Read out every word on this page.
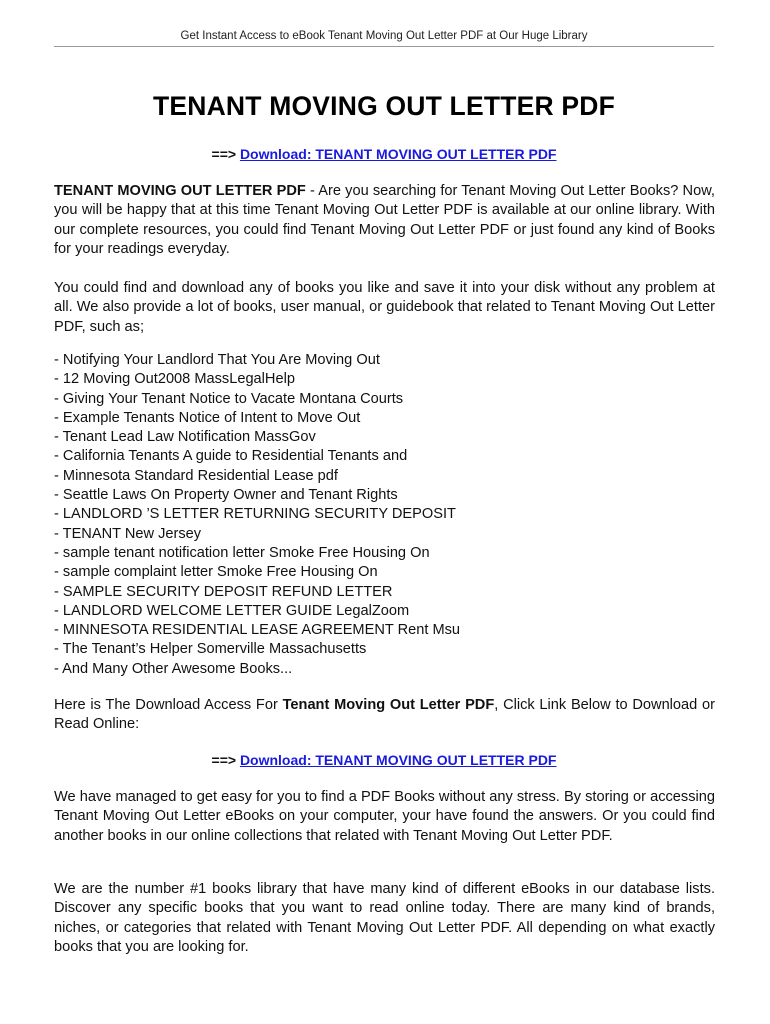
Get Instant Access to eBook Tenant Moving Out Letter PDF at Our Huge Library
TENANT MOVING OUT LETTER PDF
==> Download: TENANT MOVING OUT LETTER PDF

TENANT MOVING OUT LETTER PDF - Are you searching for Tenant Moving Out Letter Books? Now, you will be happy that at this time Tenant Moving Out Letter PDF is available at our online library. With our complete resources, you could find Tenant Moving Out Letter PDF or just found any kind of Books for your readings everyday.

You could find and download any of books you like and save it into your disk without any problem at all. We also provide a lot of books, user manual, or guidebook that related to Tenant Moving Out Letter PDF, such as;

- Notifying Your Landlord That You Are Moving Out
- 12 Moving Out2008 MassLegalHelp
- Giving Your Tenant Notice to Vacate Montana Courts
- Example Tenants Notice of Intent to Move Out
- Tenant Lead Law Notification MassGov
- California Tenants A guide to Residential Tenants and
- Minnesota Standard Residential Lease pdf
- Seattle Laws On Property Owner and Tenant Rights
- LANDLORD ’S LETTER RETURNING SECURITY DEPOSIT
- TENANT New Jersey
- sample tenant notification letter Smoke Free Housing On
- sample complaint letter Smoke Free Housing On
- SAMPLE SECURITY DEPOSIT REFUND LETTER
- LANDLORD WELCOME LETTER GUIDE LegalZoom
- MINNESOTA RESIDENTIAL LEASE AGREEMENT Rent Msu
- The Tenant’s Helper Somerville Massachusetts
- And Many Other Awesome Books...

Here is The Download Access For Tenant Moving Out Letter PDF, Click Link Below to Download or Read Online:

==> Download: TENANT MOVING OUT LETTER PDF

We have managed to get easy for you to find a PDF Books without any stress. By storing or accessing Tenant Moving Out Letter eBooks on your computer, your have found the answers. Or you could find another books in our online collections that related with Tenant Moving Out Letter PDF.

We are the number #1 books library that have many kind of different eBooks in our database lists. Discover any specific books that you want to read online today. There are many kind of brands, niches, or categories that related with Tenant Moving Out Letter PDF. All depending on what exactly books that you are looking for.
